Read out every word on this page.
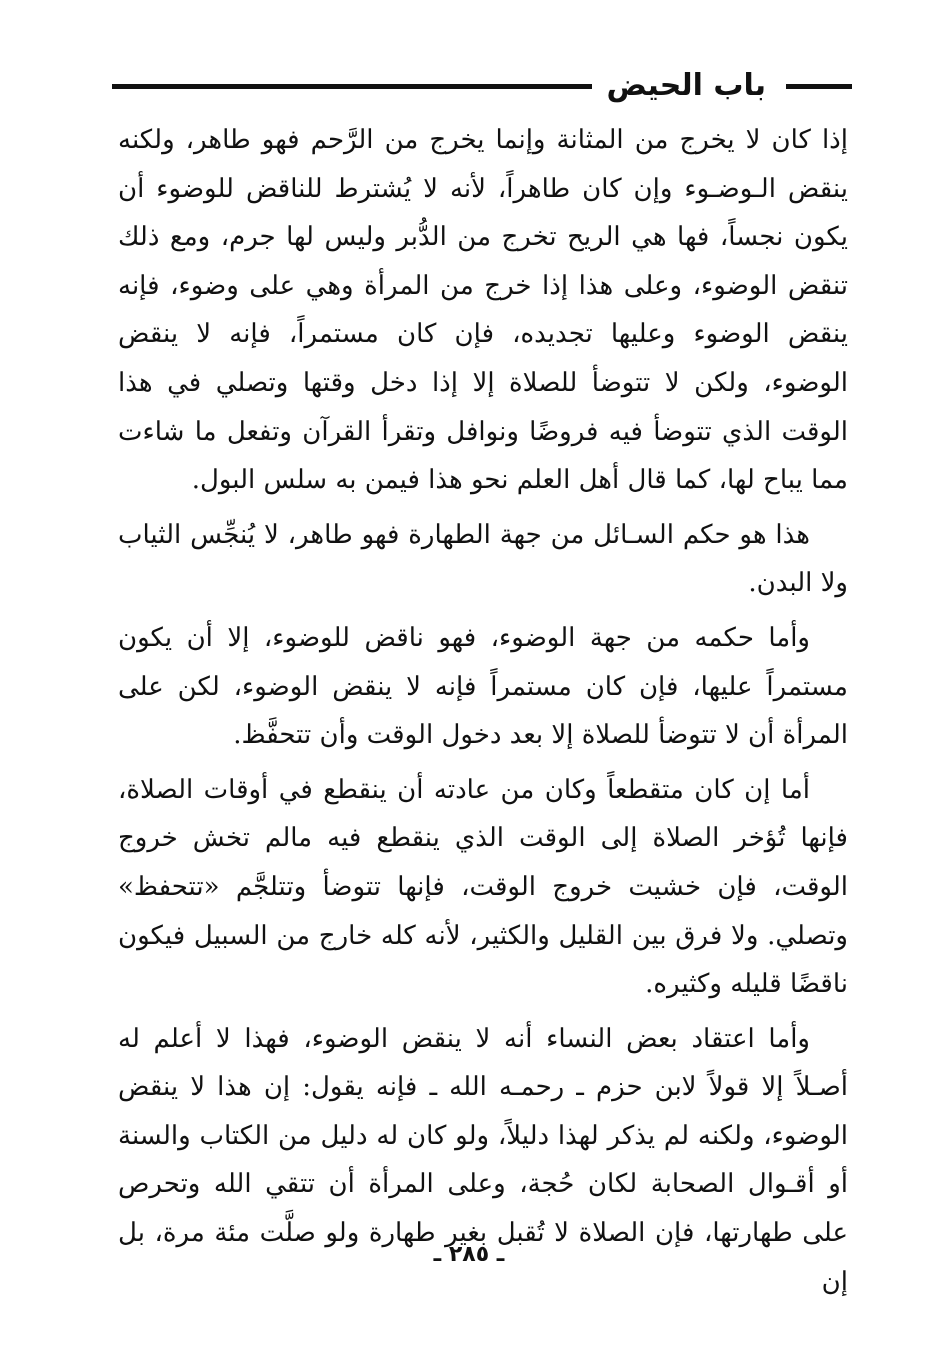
باب الحيض

إذا كان لا يخرج من المثانة وإنما يخرج من الرَّحم فهو طاهر، ولكنه ينقض الـوضـوء وإن كان طاهراً، لأنه لا يُشترط للناقض للوضوء أن يكون نجساً، فها هي الريح تخرج من الدُّبر وليس لها جرم، ومع ذلك تنقض الوضوء، وعلى هذا إذا خرج من المرأة وهي على وضوء، فإنه ينقض الوضوء وعليها تجديده، فإن كان مستمراً، فإنه لا ينقض الوضوء، ولكن لا تتوضأ للصلاة إلا إذا دخل وقتها وتصلي في هذا الوقت الذي تتوضأ فيه فروضًا ونوافل وتقرأ القرآن وتفعل ما شاءت مما يباح لها، كما قال أهل العلم نحو هذا فيمن به سلس البول.

هذا هو حكم السـائل من جهة الطهارة فهو طاهر، لا يُنجِّس الثياب ولا البدن.

وأما حكمه من جهة الوضوء، فهو ناقض للوضوء، إلا أن يكون مستمراً عليها، فإن كان مستمراً فإنه لا ينقض الوضوء، لكن على المرأة أن لا تتوضأ للصلاة إلا بعد دخول الوقت وأن تتحفَّظ.

أما إن كان متقطعاً وكان من عادته أن ينقطع في أوقات الصلاة، فإنها تُؤخر الصلاة إلى الوقت الذي ينقطع فيه مالم تخش خروج الوقت، فإن خشيت خروج الوقت، فإنها تتوضأ وتتلجَّم «تتحفظ» وتصلي. ولا فرق بين القليل والكثير، لأنه كله خارج من السبيل فيكون ناقضًا قليله وكثيره.

وأما اعتقاد بعض النساء أنه لا ينقض الوضوء، فهذا لا أعلم له أصـلاً إلا قولاً لابن حزم ـ رحمـه الله ـ فإنه يقول: إن هذا لا ينقض الوضوء، ولكنه لم يذكر لهذا دليلاً، ولو كان له دليل من الكتاب والسنة أو أقـوال الصحابة لكان حُجة، وعلى المرأة أن تتقي الله وتحرص على طهارتها، فإن الصلاة لا تُقبل بغير طهارة ولو صلَّت مئة مرة، بل إن

ـ ٢٨٥ ـ
